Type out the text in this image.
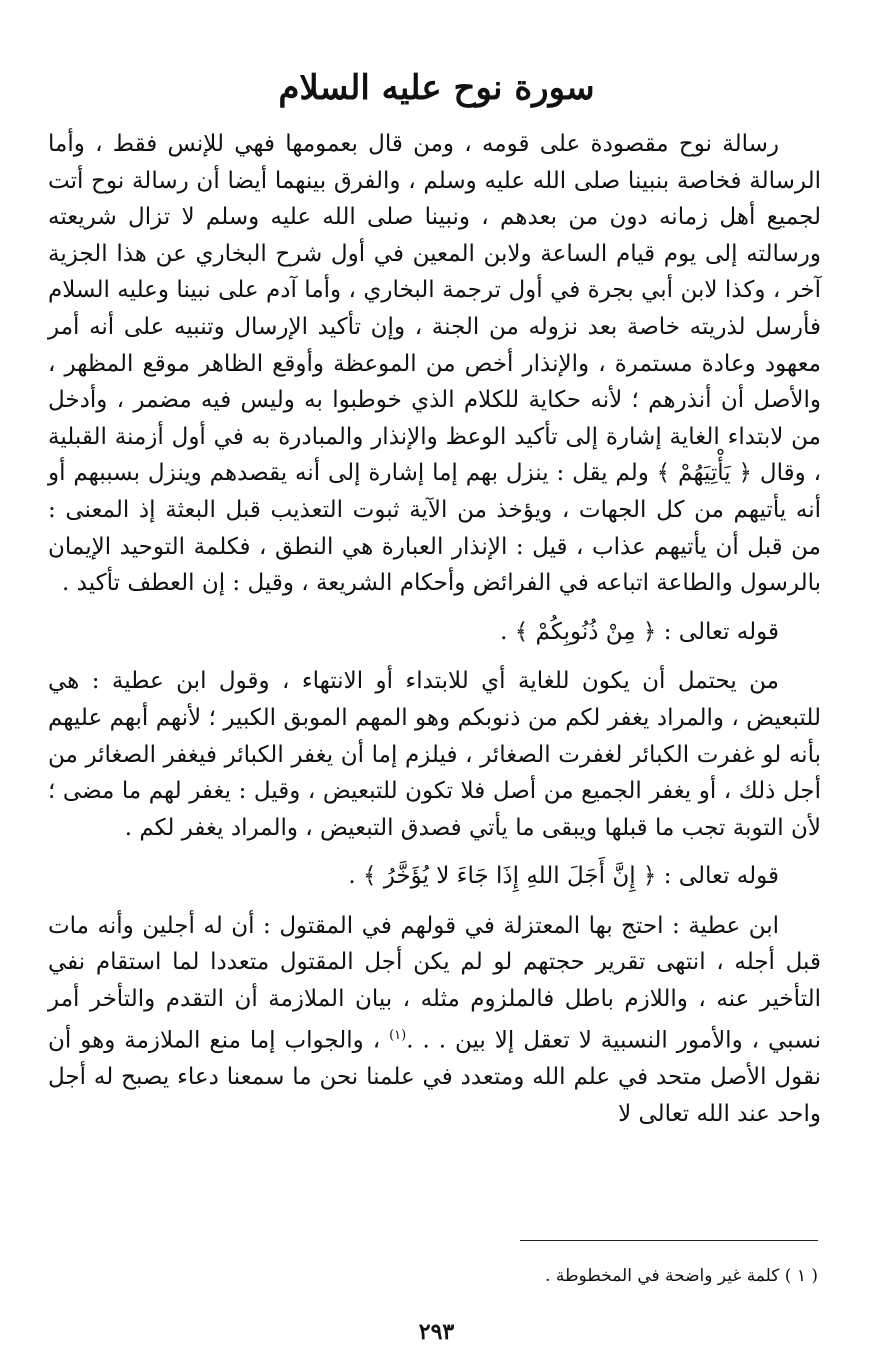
سورة نوح عليه السلام

رسالة نوح مقصودة على قومه ، ومن قال بعمومها فهي للإنس فقط ، وأما الرسالة فخاصة بنبينا صلى الله عليه وسلم ، والفرق بينهما أيضا أن رسالة نوح أتت لجميع أهل زمانه دون من بعدهم ، ونبينا صلى الله عليه وسلم لا تزال شريعته ورسالته إلى يوم قيام الساعة ولابن المعين في أول شرح البخاري عن هذا الجزية آخر ، وكذا لابن أبي بجرة في أول ترجمة البخاري ، وأما آدم على نبينا وعليه السلام فأرسل لذريته خاصة بعد نزوله من الجنة ، وإن تأكيد الإرسال وتنبيه على أنه أمر معهود وعادة مستمرة ، والإنذار أخص من الموعظة وأوقع الظاهر موقع المظهر ، والأصل أن أنذرهم ؛ لأنه حكاية للكلام الذي خوطبوا به وليس فيه مضمر ، وأدخل من لابتداء الغاية إشارة إلى تأكيد الوعظ والإنذار والمبادرة به في أول أزمنة القبلية ، وقال ﴿ يَأْتِيَهُمْ ﴾ ولم يقل : ينزل بهم إما إشارة إلى أنه يقصدهم وينزل بسببهم أو أنه يأتيهم من كل الجهات ، ويؤخذ من الآية ثبوت التعذيب قبل البعثة إذ المعنى : من قبل أن يأتيهم عذاب ، قيل : الإنذار العبارة هي النطق ، فكلمة التوحيد الإيمان بالرسول والطاعة اتباعه في الفرائض وأحكام الشريعة ، وقيل : إن العطف تأكيد .

قوله تعالى : ﴿ مِنْ ذُنُوبِكُمْ ﴾ .

من يحتمل أن يكون للغاية أي للابتداء أو الانتهاء ، وقول ابن عطية : هي للتبعيض ، والمراد يغفر لكم من ذنوبكم وهو المهم الموبق الكبير ؛ لأنهم أبهم عليهم بأنه لو غفرت الكبائر لغفرت الصغائر ، فيلزم إما أن يغفر الكبائر فيغفر الصغائر من أجل ذلك ، أو يغفر الجميع من أصل فلا تكون للتبعيض ، وقيل : يغفر لهم ما مضى ؛ لأن التوبة تجب ما قبلها ويبقى ما يأتي فصدق التبعيض ، والمراد يغفر لكم .

قوله تعالى : ﴿ إِنَّ أَجَلَ اللهِ إِذَا جَاءَ لا يُؤَخَّرُ ﴾ .

ابن عطية : احتج بها المعتزلة في قولهم في المقتول : أن له أجلين وأنه مات قبل أجله ، انتهى تقرير حجتهم لو لم يكن أجل المقتول متعددا لما استقام نفي التأخير عنه ، واللازم باطل فالملزوم مثله ، بيان الملازمة أن التقدم والتأخر أمر نسبي ، والأمور النسبية لا تعقل إلا بين . . .$^{(١)}$ ، والجواب إما منع الملازمة وهو أن نقول الأصل متحد في علم الله ومتعدد في علمنا نحن ما سمعنا دعاء يصبح له أجل واحد عند الله تعالى لا

( ١ ) كلمة غير واضحة في المخطوطة .

٢٩٣
